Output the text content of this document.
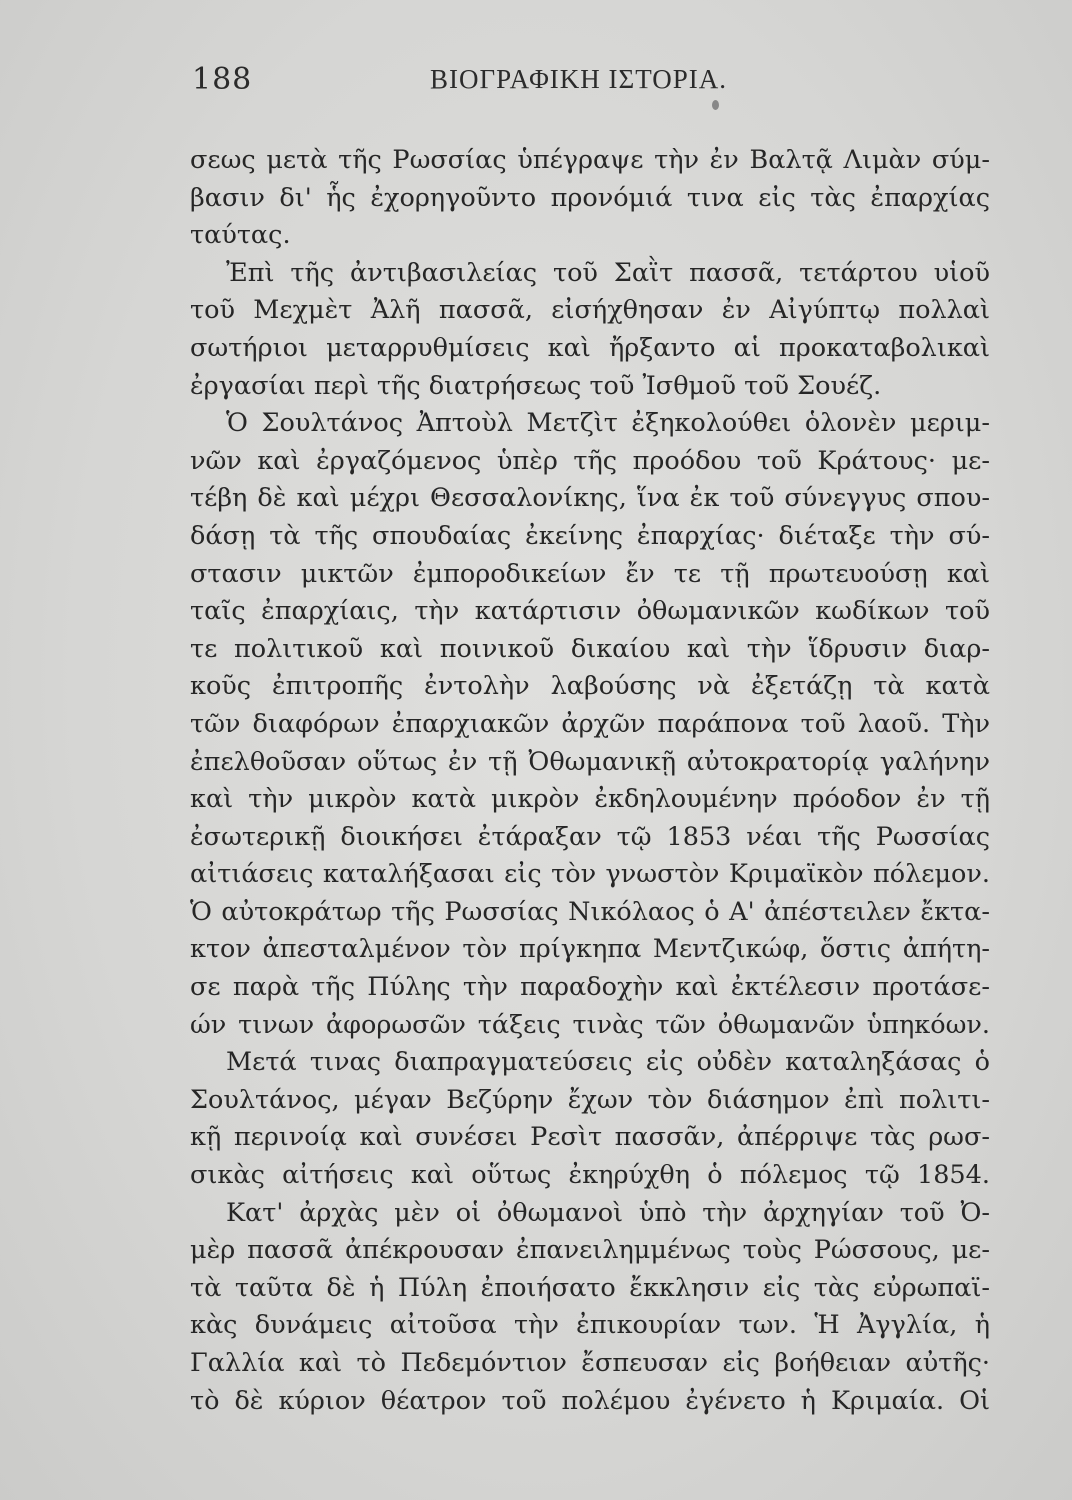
188	ΒΙΟΓΡΑΦΙΚΗ ΙΣΤΟΡΙΑ.
σεως μετὰ τῆς Ρωσσίας ὑπέγραψε τὴν ἐν Βαλτᾷ Λιμὰν σύμ-
βασιν δι' ἧς ἐχορηγοῦντο προνόμιά τινα εἰς τὰς ἐπαρχίας
ταύτας.
Ἐπὶ τῆς ἀντιβασιλείας τοῦ Σαῒτ πασσᾶ, τετάρτου υἱοῦ
τοῦ Μεχμὲτ Ἀλῆ πασσᾶ, εἰσήχθησαν ἐν Αἰγύπτῳ πολλαὶ
σωτήριοι μεταρρυθμίσεις καὶ ἤρξαντο αἱ προκαταβολικαὶ
ἐργασίαι περὶ τῆς διατρήσεως τοῦ Ἰσθμοῦ τοῦ Σουέζ.
Ὁ Σουλτάνος Ἀπτοὺλ Μετζὶτ ἐξηκολούθει ὁλονὲν μεριμ-
νῶν καὶ ἐργαζόμενος ὑπὲρ τῆς προόδου τοῦ Κράτους· με-
τέβη δὲ καὶ μέχρι Θεσσαλονίκης, ἵνα ἐκ τοῦ σύνεγγυς σπου-
δάσῃ τὰ τῆς σπουδαίας ἐκείνης ἐπαρχίας· διέταξε τὴν σύ-
στασιν μικτῶν ἐμποροδικείων ἔν τε τῇ πρωτευούσῃ καὶ
ταῖς ἐπαρχίαις, τὴν κατάρτισιν ὀθωμανικῶν κωδίκων τοῦ
τε πολιτικοῦ καὶ ποινικοῦ δικαίου καὶ τὴν ἵδρυσιν διαρ-
κοῦς ἐπιτροπῆς ἐντολὴν λαβούσης νὰ ἐξετάζῃ τὰ κατὰ
τῶν διαφόρων ἐπαρχιακῶν ἀρχῶν παράπονα τοῦ λαοῦ. Τὴν
ἐπελθοῦσαν οὕτως ἐν τῇ Ὀθωμανικῇ αὐτοκρατορίᾳ γαλήνην
καὶ τὴν μικρὸν κατὰ μικρὸν ἐκδηλουμένην πρόοδον ἐν τῇ
ἐσωτερικῇ διοικήσει ἐτάραξαν τῷ 1853 νέαι τῆς Ρωσσίας
αἰτιάσεις καταλήξασαι εἰς τὸν γνωστὸν Κριμαϊκὸν πόλεμον.
Ὁ αὐτοκράτωρ τῆς Ρωσσίας Νικόλαος ὁ Α' ἀπέστειλεν ἔκτα-
κτον ἀπεσταλμένον τὸν πρίγκηπα Μεντζικώφ, ὅστις ἀπήτη-
σε παρὰ τῆς Πύλης τὴν παραδοχὴν καὶ ἐκτέλεσιν προτάσε-
ών τινων ἀφορωσῶν τάξεις τινὰς τῶν ὀθωμανῶν ὑπηκόων.
Μετά τινας διαπραγματεύσεις εἰς οὐδὲν καταληξάσας ὁ
Σουλτάνος, μέγαν Βεζύρην ἔχων τὸν διάσημον ἐπὶ πολιτι-
κῇ περινοίᾳ καὶ συνέσει Ρεσὶτ πασσᾶν, ἀπέρριψε τὰς ρωσ-
σικὰς αἰτήσεις καὶ οὕτως ἐκηρύχθη ὁ πόλεμος τῷ 1854.
Κατ' ἀρχὰς μὲν οἱ ὀθωμανοὶ ὑπὸ τὴν ἀρχηγίαν τοῦ Ὀ-
μὲρ πασσᾶ ἀπέκρουσαν ἐπανειλημμένως τοὺς Ρώσσους, με-
τὰ ταῦτα δὲ ἡ Πύλη ἐποιήσατο ἔκκλησιν εἰς τὰς εὐρωπαϊ-
κὰς δυνάμεις αἰτοῦσα τὴν ἐπικουρίαν των. Ἡ Ἀγγλία, ἡ
Γαλλία καὶ τὸ Πεδεμόντιον ἔσπευσαν εἰς βοήθειαν αὐτῆς·
τὸ δὲ κύριον θέατρον τοῦ πολέμου ἐγένετο ἡ Κριμαία. Οἱ
